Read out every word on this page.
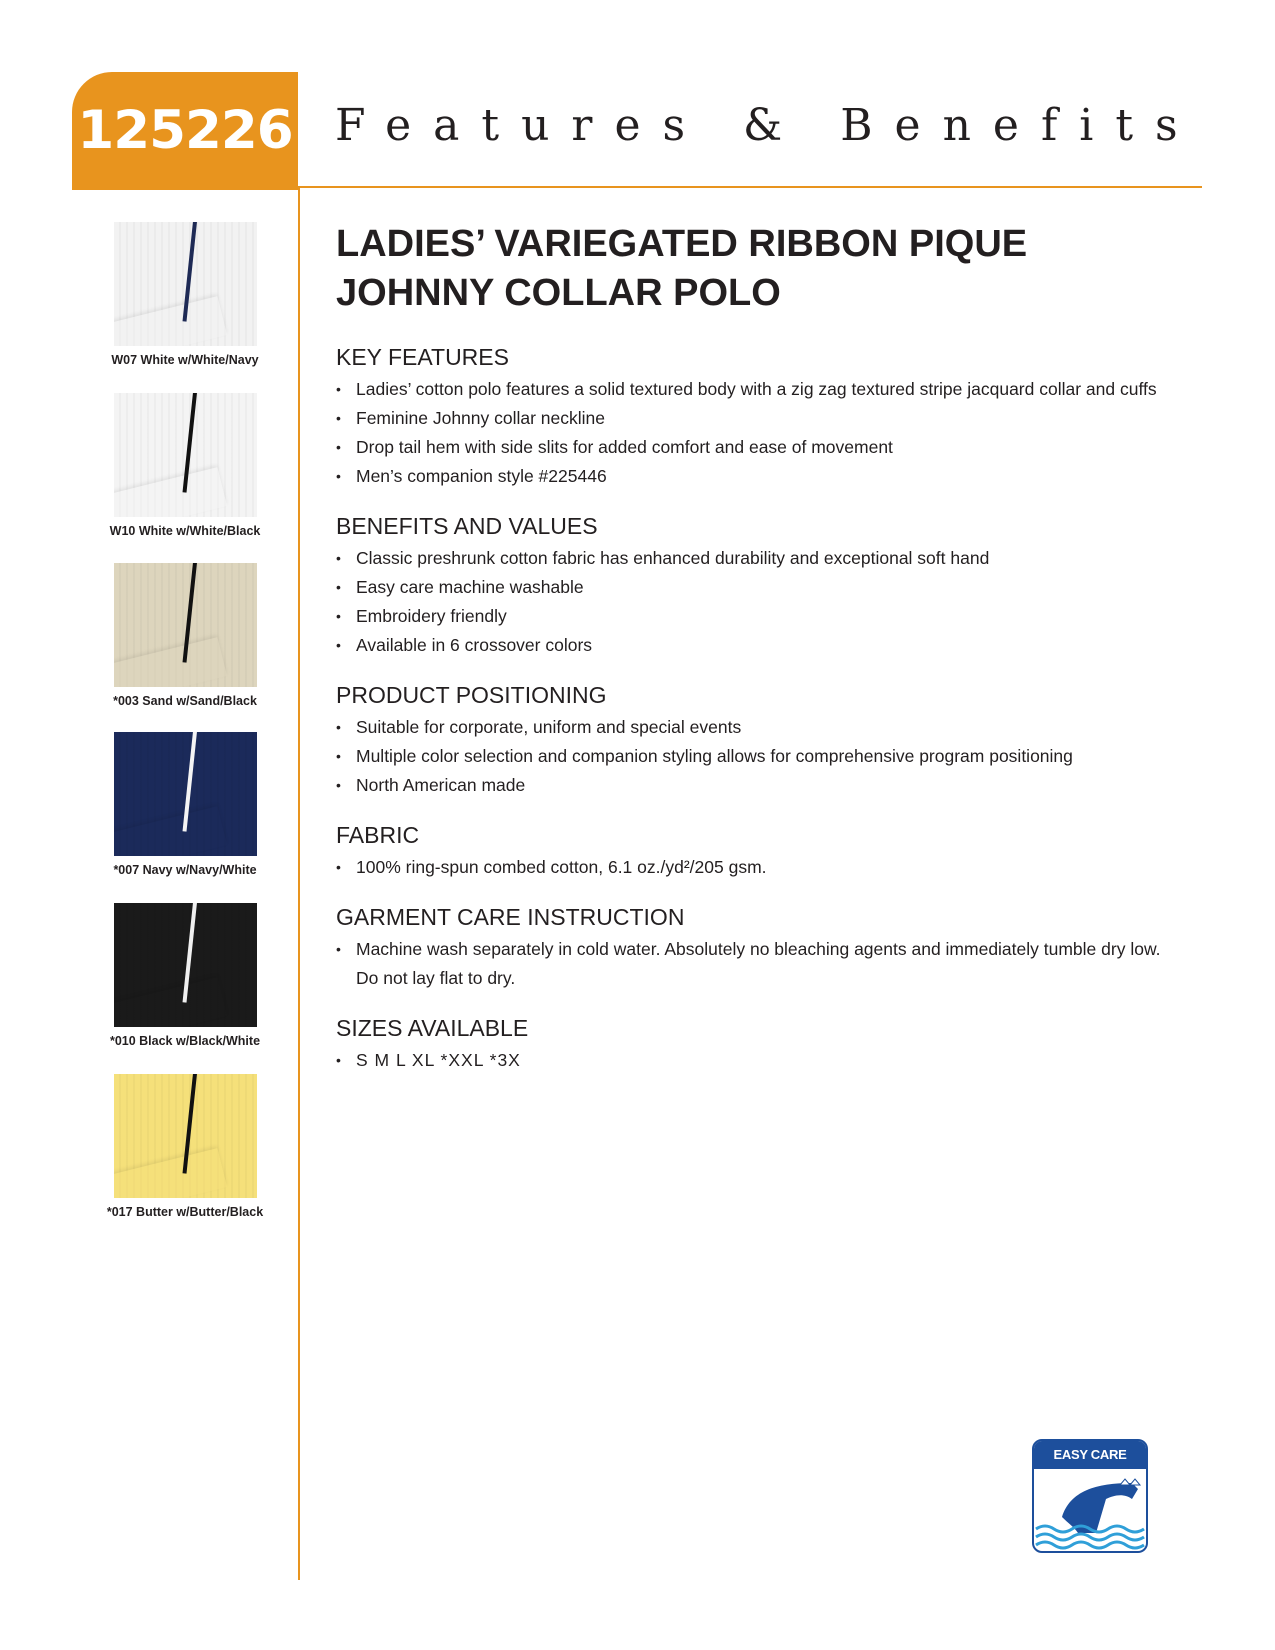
125226 Features & Benefits
W07 White w/White/Navy
W10 White w/White/Black
*003 Sand w/Sand/Black
*007 Navy w/Navy/White
*010 Black w/Black/White
*017 Butter w/Butter/Black
LADIES’ VARIEGATED RIBBON PIQUE
JOHNNY COLLAR POLO
KEY FEATURES
• Ladies’ cotton polo features a solid textured body with a zig zag textured stripe jacquard collar and cuffs
• Feminine Johnny collar neckline
• Drop tail hem with side slits for added comfort and ease of movement
• Men’s companion style #225446
BENEFITS AND VALUES
• Classic preshrunk cotton fabric has enhanced durability and exceptional soft hand
• Easy care machine washable
• Embroidery friendly
• Available in 6 crossover colors
PRODUCT POSITIONING
• Suitable for corporate, uniform and special events
• Multiple color selection and companion styling allows for comprehensive program positioning
• North American made
FABRIC
• 100% ring-spun combed cotton, 6.1 oz./yd²/205 gsm.
GARMENT CARE INSTRUCTION
• Machine wash separately in cold water. Absolutely no bleaching agents and immediately tumble dry low. Do not lay flat to dry.
SIZES AVAILABLE
• S M L XL *XXL *3X
EASY CARE
